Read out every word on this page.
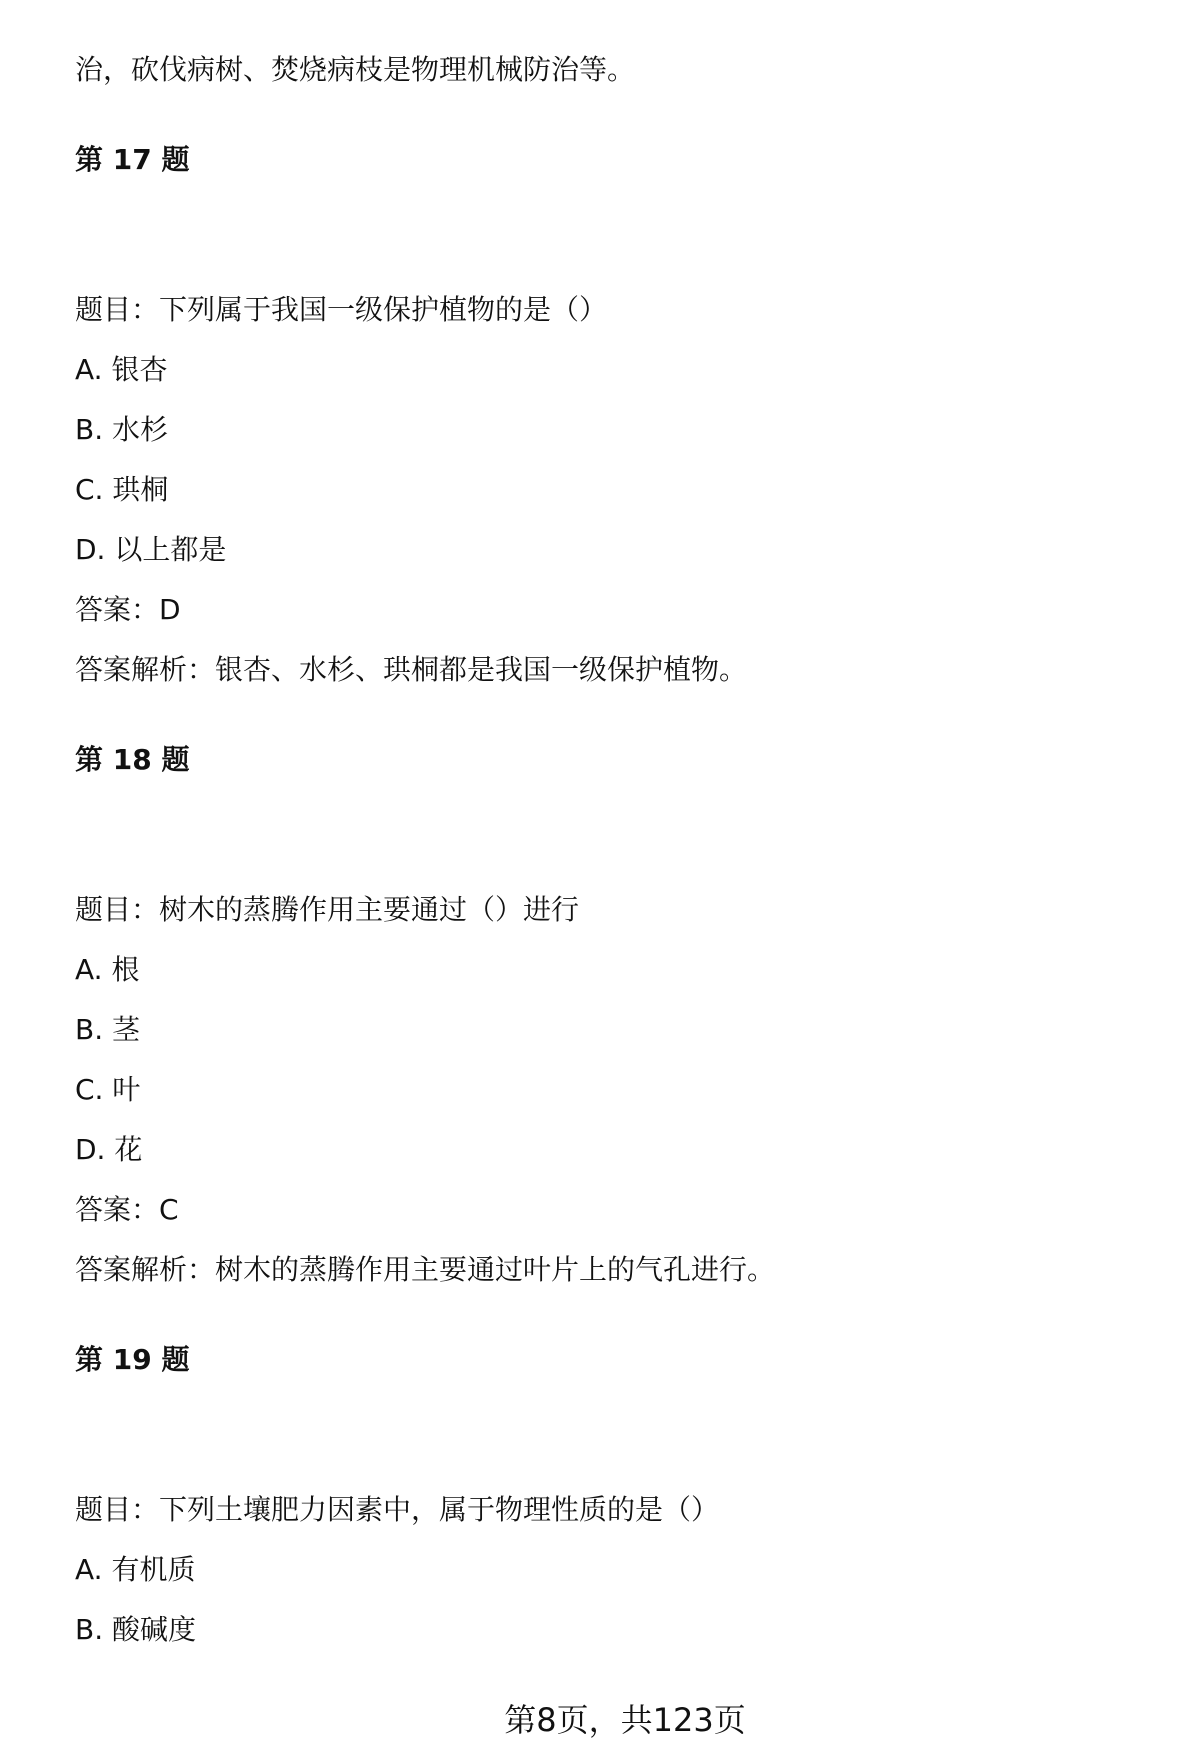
治，砍伐病树、焚烧病枝是物理机械防治等。
第 17 题
题目：下列属于我国一级保护植物的是（）
A. 银杏
B. 水杉
C. 珙桐
D. 以上都是
答案：D
答案解析：银杏、水杉、珙桐都是我国一级保护植物。
第 18 题
题目：树木的蒸腾作用主要通过（）进行
A. 根
B. 茎
C. 叶
D. 花
答案：C
答案解析：树木的蒸腾作用主要通过叶片上的气孔进行。
第 19 题
题目：下列土壤肥力因素中，属于物理性质的是（）
A. 有机质
B. 酸碱度
第8页，共123页
